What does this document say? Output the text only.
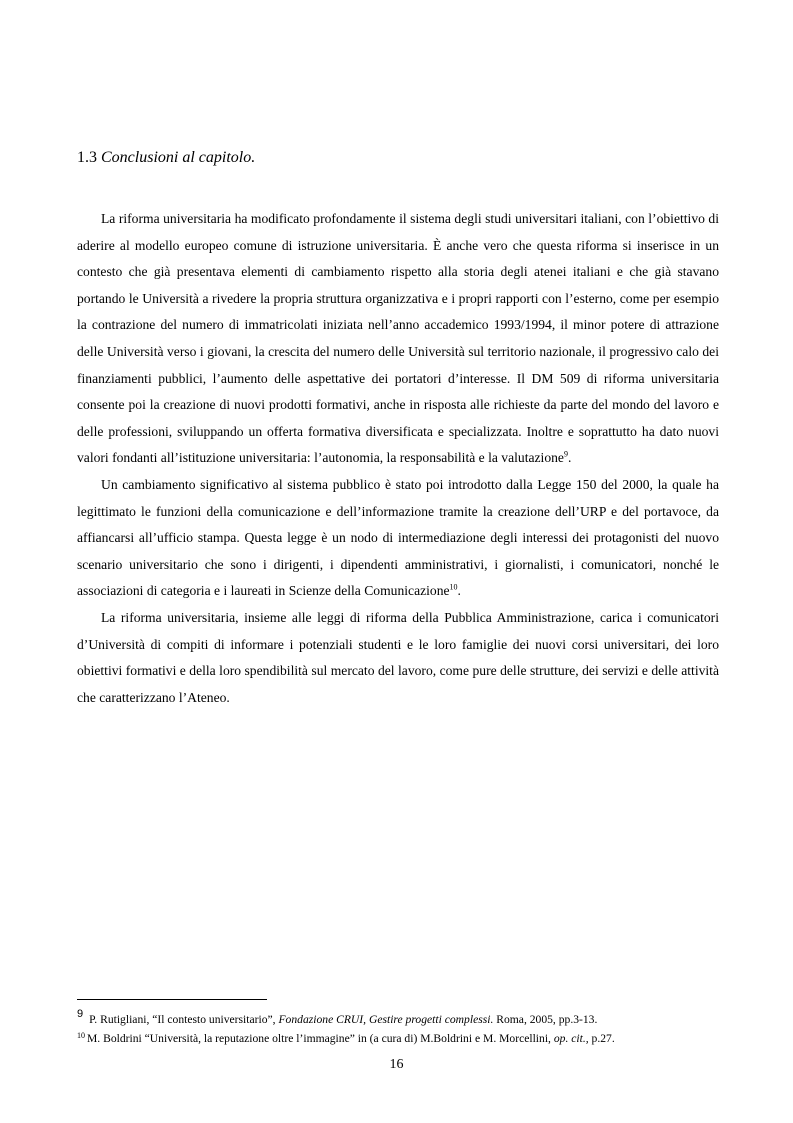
1.3 Conclusioni al capitolo.

La riforma universitaria ha modificato profondamente il sistema degli studi universitari italiani, con l’obiettivo di aderire al modello europeo comune di istruzione universitaria. È anche vero che questa riforma si inserisce in un contesto che già presentava elementi di cambiamento rispetto alla storia degli atenei italiani e che già stavano portando le Università a rivedere la propria struttura organizzativa e i propri rapporti con l’esterno, come per esempio la contrazione del numero di immatricolati iniziata nell’anno accademico 1993/1994, il minor potere di attrazione delle Università verso i giovani, la crescita del numero delle Università sul territorio nazionale, il progressivo calo dei finanziamenti pubblici, l’aumento delle aspettative dei portatori d’interesse. Il DM 509 di riforma universitaria consente poi la creazione di nuovi prodotti formativi, anche in risposta alle richieste da parte del mondo del lavoro e delle professioni, sviluppando un offerta formativa diversificata e specializzata. Inoltre e soprattutto ha dato nuovi valori fondanti all’istituzione universitaria: l’autonomia, la responsabilità e la valutazione$^9$.

Un cambiamento significativo al sistema pubblico è stato poi introdotto dalla Legge 150 del 2000, la quale ha legittimato le funzioni della comunicazione e dell’informazione tramite la creazione dell’URP e del portavoce, da affiancarsi all’ufficio stampa. Questa legge è un nodo di intermediazione degli interessi dei protagonisti del nuovo scenario universitario che sono i dirigenti, i dipendenti amministrativi, i giornalisti, i comunicatori, nonché le associazioni di categoria e i laureati in Scienze della Comunicazione$^{10}$.

La riforma universitaria, insieme alle leggi di riforma della Pubblica Amministrazione, carica i comunicatori d’Università di compiti di informare i potenziali studenti e le loro famiglie dei nuovi corsi universitari, dei loro obiettivi formativi e della loro spendibilità sul mercato del lavoro, come pure delle strutture, dei servizi e delle attività che caratterizzano l’Ateneo.

9 P. Rutigliani, “Il contesto universitario”, Fondazione CRUI, Gestire progetti complessi. Roma, 2005, pp.3-13.
$^{10}$ M. Boldrini “Università, la reputazione oltre l’immagine” in (a cura di) M.Boldrini e M. Morcellini, op. cit., p.27.
16
